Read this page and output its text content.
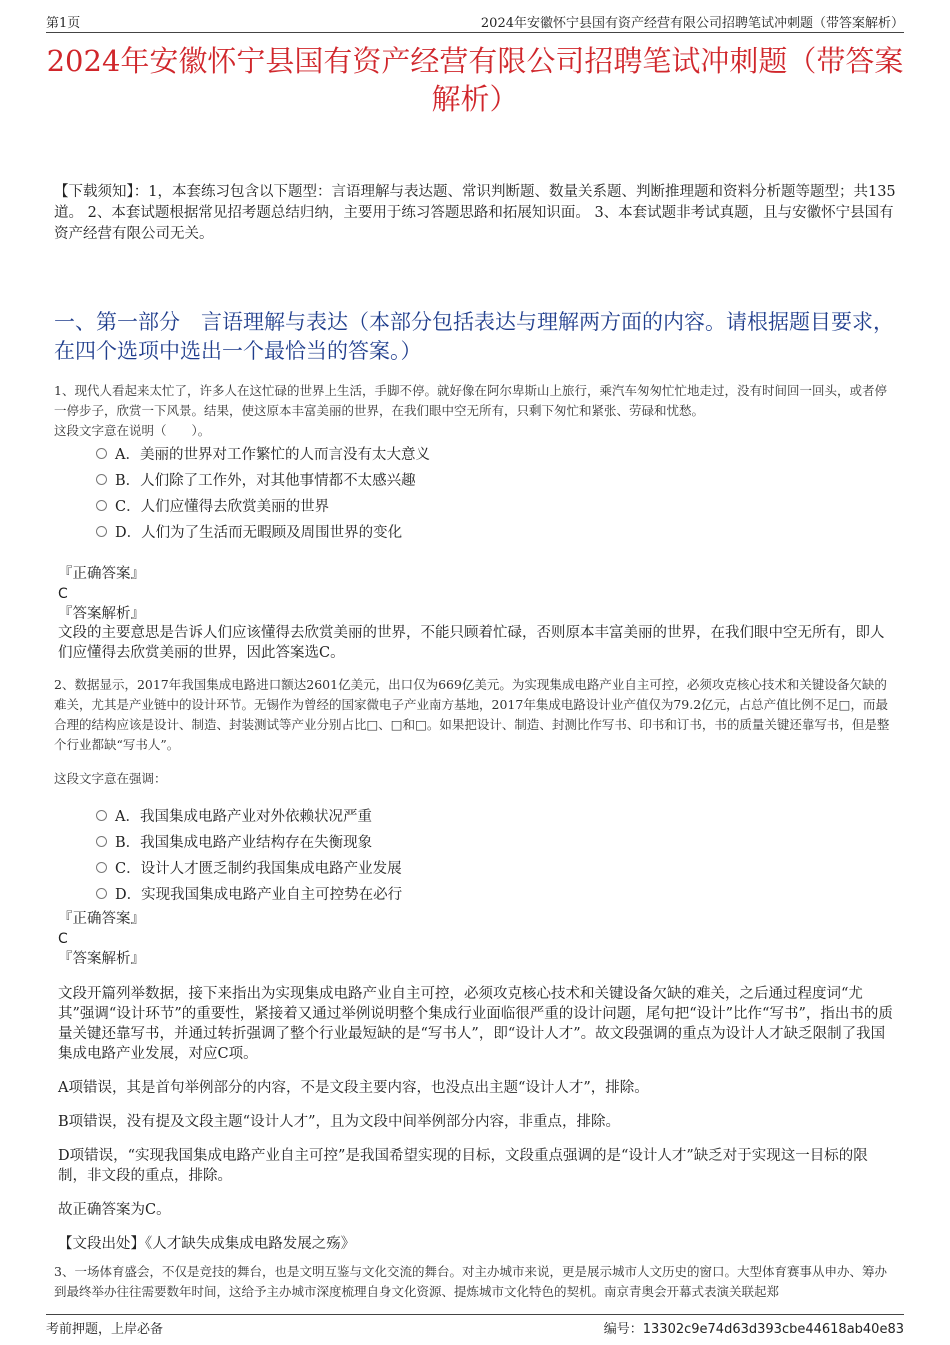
第1页	2024年安徽怀宁县国有资产经营有限公司招聘笔试冲刺题（带答案解析）
2024年安徽怀宁县国有资产经营有限公司招聘笔试冲刺题（带答案解析）
【下载须知】：1，本套练习包含以下题型：言语理解与表达题、常识判断题、数量关系题、判断推理题和资料分析题等题型；共135道。 2、本套试题根据常见招考题总结归纳，主要用于练习答题思路和拓展知识面。 3、本套试题非考试真题，且与安徽怀宁县国有资产经营有限公司无关。
一、第一部分　言语理解与表达（本部分包括表达与理解两方面的内容。请根据题目要求，在四个选项中选出一个最恰当的答案。）
1、现代人看起来太忙了，许多人在这忙碌的世界上生活，手脚不停。就好像在阿尔卑斯山上旅行，乘汽车匆匆忙忙地走过，没有时间回一回头，或者停一停步子，欣赏一下风景。结果，使这原本丰富美丽的世界，在我们眼中空无所有，只剩下匆忙和紧张、劳碌和忧愁。
这段文字意在说明（　　）。
A．美丽的世界对工作繁忙的人而言没有太大意义
B．人们除了工作外，对其他事情都不太感兴趣
C．人们应懂得去欣赏美丽的世界
D．人们为了生活而无暇顾及周围世界的变化
『正确答案』
C
『答案解析』

文段的主要意思是告诉人们应该懂得去欣赏美丽的世界，不能只顾着忙碌，否则原本丰富美丽的世界，在我们眼中空无所有，即人们应懂得去欣赏美丽的世界，因此答案选C。

2、数据显示，2017年我国集成电路进口额达2601亿美元，出口仅为669亿美元。为实现集成电路产业自主可控，必须攻克核心技术和关键设备欠缺的难关，尤其是产业链中的设计环节。无锡作为曾经的国家微电子产业南方基地，2017年集成电路设计业产值仅为79.2亿元，占总产值比例不足□，而最合理的结构应该是设计、制造、封装测试等产业分别占比□、□和□。如果把设计、制造、封测比作写书、印书和订书，书的质量关键还靠写书，但是整个行业都缺“写书人”。
这段文字意在强调：
A．我国集成电路产业对外依赖状况严重
B．我国集成电路产业结构存在失衡现象
C．设计人才匮乏制约我国集成电路产业发展
D．实现我国集成电路产业自主可控势在必行
『正确答案』
C
『答案解析』

文段开篇列举数据，接下来指出为实现集成电路产业自主可控，必须攻克核心技术和关键设备欠缺的难关，之后通过程度词“尤其”强调“设计环节”的重要性，紧接着又通过举例说明整个集成行业面临很严重的设计问题，尾句把“设计”比作“写书”，指出书的质量关键还靠写书，并通过转折强调了整个行业最短缺的是“写书人”，即“设计人才”。故文段强调的重点为设计人才缺乏限制了我国集成电路产业发展，对应C项。

A项错误，其是首句举例部分的内容，不是文段主要内容，也没点出主题“设计人才”，排除。

B项错误，没有提及文段主题“设计人才”，且为文段中间举例部分内容，非重点，排除。

D项错误，“实现我国集成电路产业自主可控”是我国希望实现的目标，文段重点强调的是“设计人才”缺乏对于实现这一目标的限制，非文段的重点，排除。

故正确答案为C。

【文段出处】《人才缺失成集成电路发展之殇》

3、一场体育盛会，不仅是竞技的舞台，也是文明互鉴与文化交流的舞台。对主办城市来说，更是展示城市人文历史的窗口。大型体育赛事从申办、筹办到最终举办往往需要数年时间，这给予主办城市深度梳理自身文化资源、提炼城市文化特色的契机。南京青奥会开幕式表演关联起郑
考前押题，上岸必备	编号：13302c9e74d63d393cbe44618ab40e83
